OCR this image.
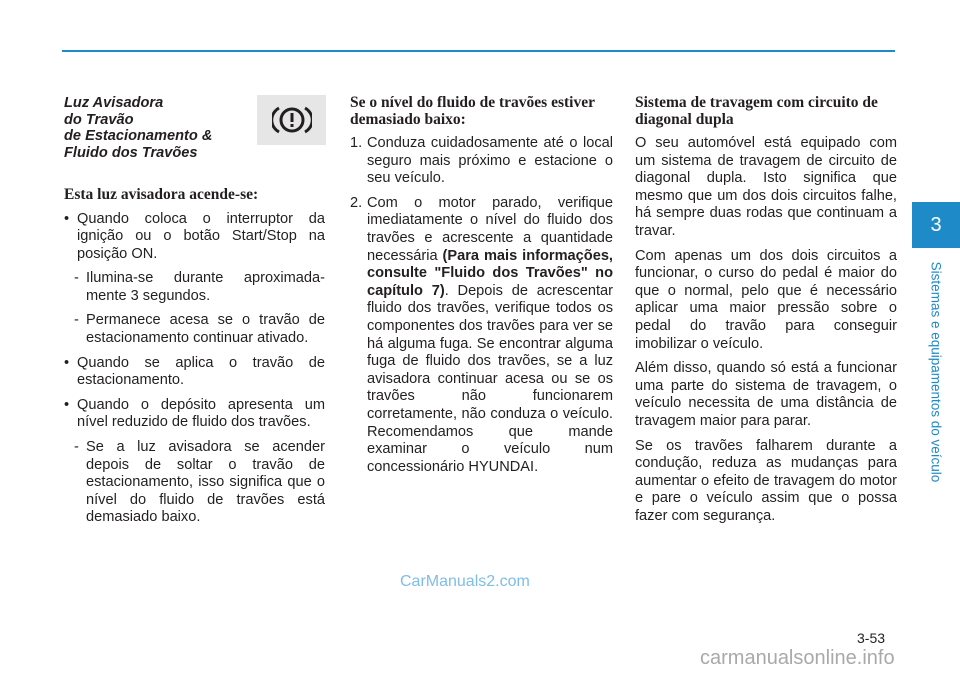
Luz Avisadora
do Travão
de Estacionamento &
Fluido dos Travões
Esta luz avisadora acende-se:
• Quando coloca o interruptor da ignição ou o botão Start/Stop na posição ON.
- Ilumina-se durante aproximada-mente 3 segundos.
- Permanece acesa se o travão de estacionamento continuar ativado.
• Quando se aplica o travão de estacionamento.
• Quando o depósito apresenta um nível reduzido de fluido dos travões.
- Se a luz avisadora se acender depois de soltar o travão de estacionamento, isso significa que o nível do fluido de travões está demasiado baixo.
Se o nível do fluido de travões estiver demasiado baixo:
1. Conduza cuidadosamente até o local seguro mais próximo e estacione o seu veículo.
2. Com o motor parado, verifique imediatamente o nível do fluido dos travões e acrescente a quantidade necessária (Para mais informações, consulte "Fluido dos Travões" no capítulo 7). Depois de acrescentar fluido dos travões, verifique todos os componentes dos travões para ver se há alguma fuga. Se encontrar alguma fuga de fluido dos travões, se a luz avisadora continuar acesa ou se os travões não funcionarem corretamente, não conduza o veículo. Recomendamos que mande examinar o veículo num concessionário HYUNDAI.
Sistema de travagem com circuito de diagonal dupla

O seu automóvel está equipado com um sistema de travagem de circuito de diagonal dupla. Isto significa que mesmo que um dos dois circuitos falhe, há sempre duas rodas que continuam a travar.

Com apenas um dos dois circuitos a funcionar, o curso do pedal é maior do que o normal, pelo que é necessário aplicar uma maior pressão sobre o pedal do travão para conseguir imobilizar o veículo.

Além disso, quando só está a funcionar uma parte do sistema de travagem, o veículo necessita de uma distância de travagem maior para parar.

Se os travões falharem durante a condução, reduza as mudanças para aumentar o efeito de travagem do motor e pare o veículo assim que o possa fazer com segurança.

3
Sistemas e equipamentos do veículo
3-53
CarManuals2.com
carmanualsonline.info
